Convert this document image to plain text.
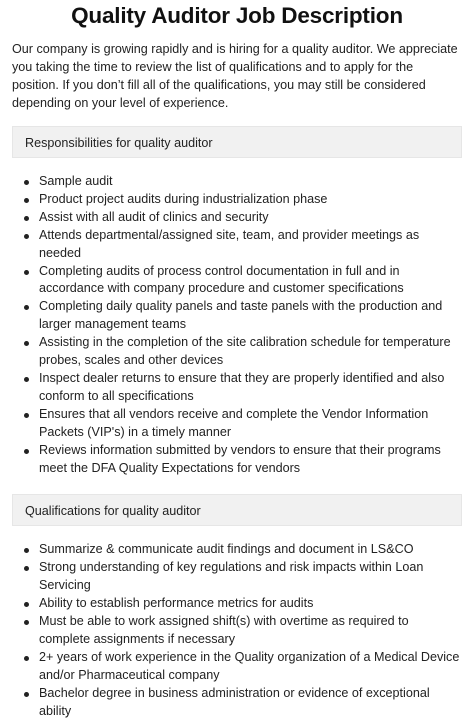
Quality Auditor Job Description

Our company is growing rapidly and is hiring for a quality auditor. We appreciate you taking the time to review the list of qualifications and to apply for the position. If you don’t fill all of the qualifications, you may still be considered depending on your level of experience.

Responsibilities for quality auditor
Sample audit
Product project audits during industrialization phase
Assist with all audit of clinics and security
Attends departmental/assigned site, team, and provider meetings as needed
Completing audits of process control documentation in full and in accordance with company procedure and customer specifications
Completing daily quality panels and taste panels with the production and larger management teams
Assisting in the completion of the site calibration schedule for temperature probes, scales and other devices
Inspect dealer returns to ensure that they are properly identified and also conform to all specifications
Ensures that all vendors receive and complete the Vendor Information Packets (VIP's) in a timely manner
Reviews information submitted by vendors to ensure that their programs meet the DFA Quality Expectations for vendors
Qualifications for quality auditor
Summarize & communicate audit findings and document in LS&CO
Strong understanding of key regulations and risk impacts within Loan Servicing
Ability to establish performance metrics for audits
Must be able to work assigned shift(s) with overtime as required to complete assignments if necessary
2+ years of work experience in the Quality organization of a Medical Device and/or Pharmaceutical company
Bachelor degree in business administration or evidence of exceptional ability
